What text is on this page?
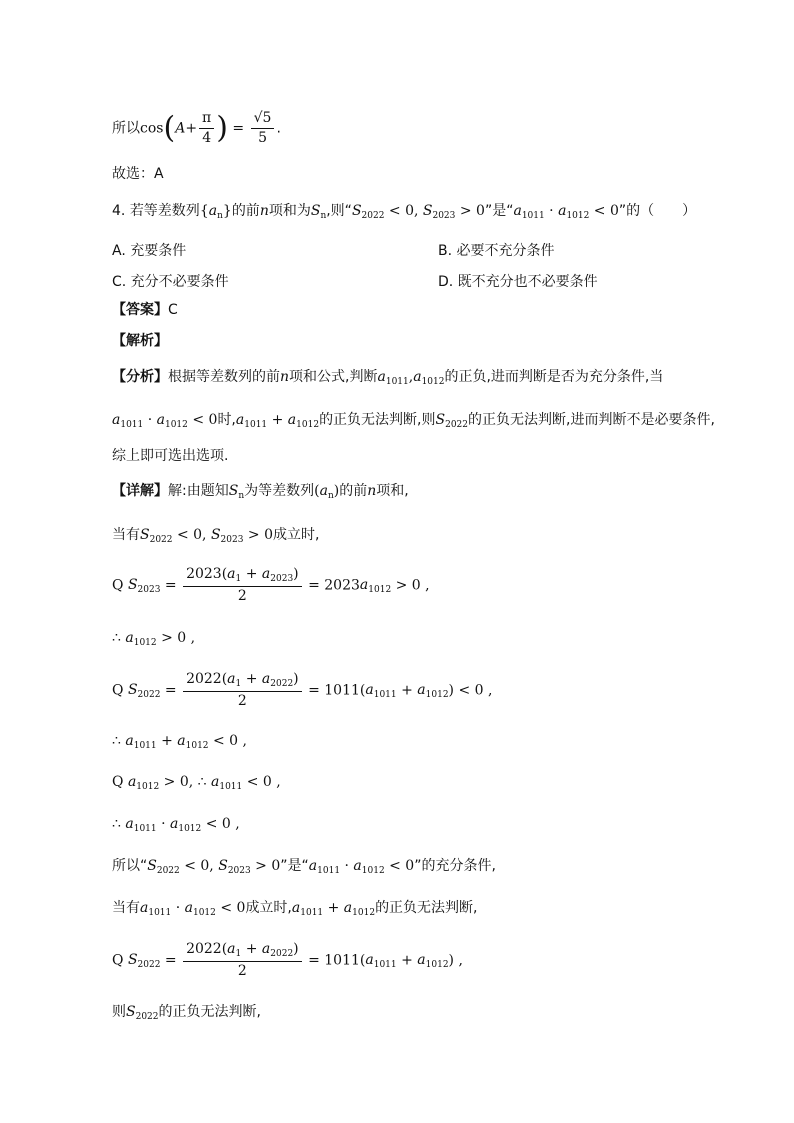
所以$\cos(A+ \frac{\pi}{4}$ ) = $\frac{√5}{5}$ .
故选：A
4. 若等差数列$\{a_n\}$的前n项和为$S_n$,则“$S_{2022} < 0$, $S_{2023} > 0$”是“$a_{1011} \cdot a_{1012} < 0$”的（　　）
A. 充要条件	B. 必要不充分条件
C. 充分不必要条件	D. 既不充分也不必要条件
【答案】C
【解析】
【分析】根据等差数列的前n项和公式,判断$a_{1011},a_{1012}$的正负,进而判断是否为充分条件,当
$a_{1011} \cdot a_{1012} < 0$时$,a_{1011} + a_{1012}$的正负无法判断,则$S_{2022}$的正负无法判断,进而判断不是必要条件,
综上即可选出选项.
【详解】解:由题知$S_n$为等差数列$(a_n)$的前n项和,
当有$S_{2022} < 0$, $S_{2023} > 0$成立时,
Q $S_{2023} = \frac{2023(a_1 + a_{2023})}{2} = 2023a_{1012} > 0$ ,
∴ $a_{1012} > 0$ ,
Q $S_{2022} = \frac{2022(a_1 + a_{2022})}{2} = 1011(a_{1011} + a_{1012}) < 0$ ,
∴ $a_{1011} + a_{1012} < 0$ ,
Q $a_{1012} > 0$, ∴ $a_{1011} < 0$ ,
∴ $a_{1011} \cdot a_{1012} < 0$ ,
所以“$S_{2022} < 0$, $S_{2023} > 0$”是“$a_{1011} \cdot a_{1012} < 0$”的充分条件,
当有$a_{1011} \cdot a_{1012} < 0$成立时$,a_{1011} + a_{1012}$的正负无法判断,
Q $S_{2022} = \frac{2022(a_1 + a_{2022})}{2} = 1011(a_{1011} + a_{1012})$ ,
则$S_{2022}$的正负无法判断,
